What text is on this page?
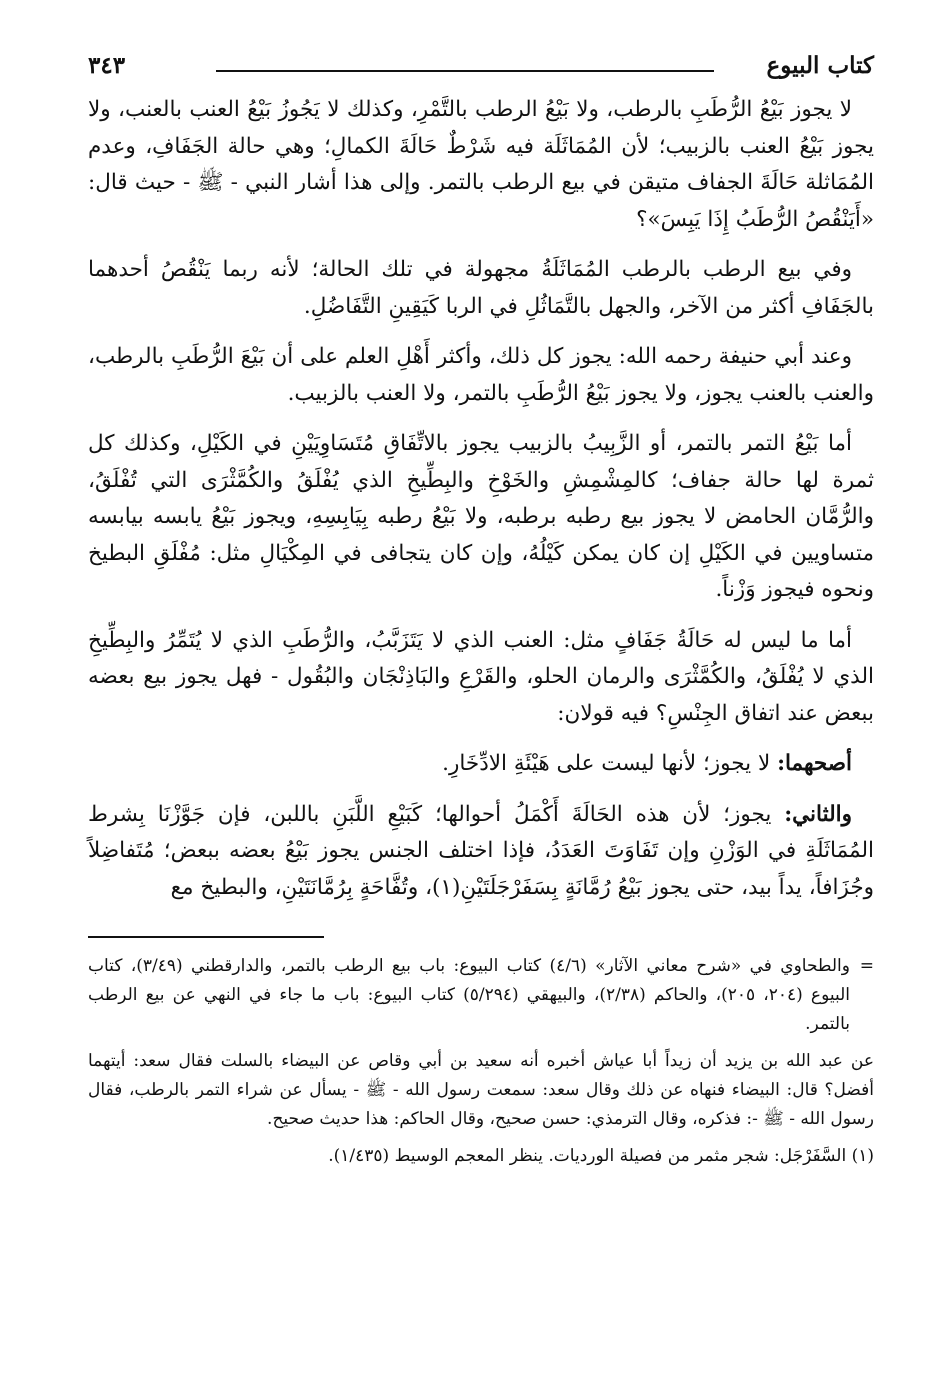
كتاب البيوع
٣٤٣

لا يجوز بَيْعُ الرُّطَبِ بالرطب، ولا بَيْعُ الرطب بالتَّمْرِ، وكذلك لا يَجُوزُ بَيْعُ العنب بالعنب، ولا يجوز بَيْعُ العنب بالزبيب؛ لأن المُمَاثَلَة فيه شَرْطٌ حَالَةَ الكمالِ؛ وهي حالة الجَفَافِ، وعدم المُمَاثلة حَالَةَ الجفاف متيقن في بيع الرطب بالتمر. وإلى هذا أشار النبي - ﷺ - حيث قال: «أَيَنْقُصُ الرُّطَبُ إِذَا يَبِسَ»؟

وفي بيع الرطب بالرطب المُمَاثَلَةُ مجهولة في تلك الحالة؛ لأنه ربما يَنْقُصُ أحدهما بالجَفَافِ أكثر من الآخر، والجهل بالتَّمَاثُلِ في الربا كَيَقِينِ التَّفَاضُلِ.

وعند أبي حنيفة رحمه الله: يجوز كل ذلك، وأكثر أَهْلِ العلم على أن بَيْعَ الرُّطَبِ بالرطب، والعنب بالعنب يجوز، ولا يجوز بَيْعُ الرُّطَبِ بالتمر، ولا العنب بالزبيب.

أما بَيْعُ التمر بالتمر، أو الزَّبِيبُ بالزبيب يجوز بالاتِّفَاقِ مُتَسَاوِيَيْنِ في الكَيْلِ، وكذلك كل ثمرة لها حالة جفاف؛ كالمِشْمِشِ والخَوْخِ والبِطِّيخِ الذي يُفْلَقُ والكُمَّثْرَى التي تُفْلَقُ، والرُّمَّان الحامض لا يجوز بيع رطبه برطبه، ولا بَيْعُ رطبه بِيَابِسِهِ، ويجوز بَيْعُ يابسه بيابسه متساويين في الكَيْلِ إن كان يمكن كَيْلُهُ، وإن كان يتجافى في المِكْيَالِ مثل: مُفْلَقِ البطيخ ونحوه فيجوز وَزْناً.

أما ما ليس له حَالَةُ جَفَافٍ مثل: العنب الذي لا يَتَزَبَّبُ، والرُّطَبِ الذي لا يُتَمِّرُ والبِطِّيخِ الذي لا يُفْلَقُ، والكُمَّثْرَى والرمان الحلو، والقَرْعِ والبَاذِنْجَان والبُقُول - فهل يجوز بيع بعضه ببعض عند اتفاق الجِنْسِ؟ فيه قولان:

أصحهما: لا يجوز؛ لأنها ليست على هَيْئَةِ الادِّخَارِ.

والثاني: يجوز؛ لأن هذه الحَالَةَ أَكْمَلُ أحوالها؛ كَبَيْعِ اللَّبَنِ باللبن، فإن جَوَّزْنَا بِشرط المُمَاثَلَةِ في الوَزْنِ وإن تَفَاوَتَ العَدَدُ، فإذا اختلف الجنس يجوز بَيْعُ بعضه ببعض؛ مُتَفاضِلاً وجُزَافاً، يداً بيد، حتى يجوز بَيْعُ رُمَّانَةٍ بِسَفَرْجَلَتَيْنِ(١)، وتُفَّاحَةٍ بِرُمَّانَتَيْنِ، والبطيخ مع

=
والطحاوي في «شرح معاني الآثار» (٤/٦) كتاب البيوع: باب بيع الرطب بالتمر، والدارقطني (٣/٤٩)، كتاب البيوع (٢٠٤، ٢٠٥)، والحاكم (٢/٣٨)، والبيهقي (٥/٢٩٤) كتاب البيوع: باب ما جاء في النهي عن بيع الرطب بالتمر.

عن عبد الله بن يزيد أن زيداً أبا عياش أخبره أنه سعيد بن أبي وقاص عن البيضاء بالسلت فقال سعد: أيتهما أفضل؟ قال: البيضاء فنهاه عن ذلك وقال سعد: سمعت رسول الله - ﷺ - يسأل عن شراء التمر بالرطب، فقال رسول الله - ﷺ -: فذكره، وقال الترمذي: حسن صحيح، وقال الحاكم: هذا حديث صحيح.

(١) السَّفَرْجَل: شجر مثمر من فصيلة الورديات. ينظر المعجم الوسيط (١/٤٣٥).
